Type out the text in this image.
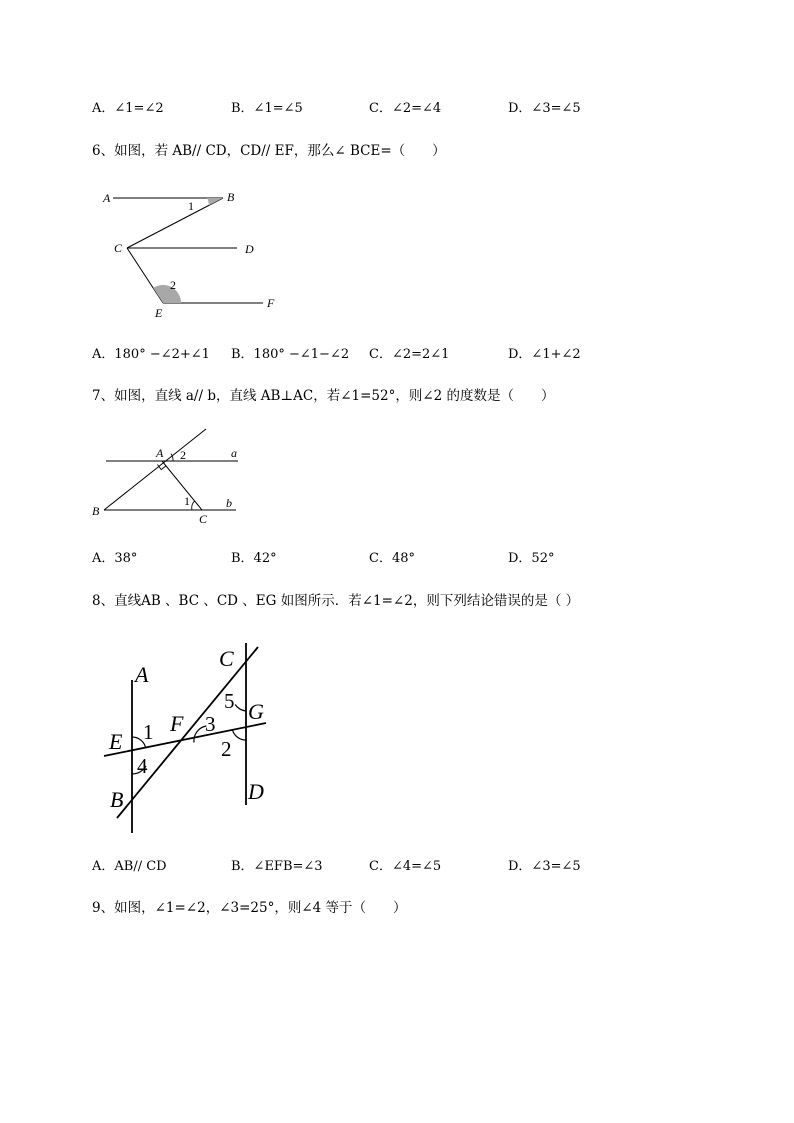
A．∠1=∠2	B．∠1=∠5	C．∠2=∠4	D．∠3=∠5
6、如图，若 AB// CD，CD// EF，那么∠ BCE=（　　）
A	B
C	D
E
F
1
2
A．180° −∠2+∠1 B．180° −∠1−∠2 C．∠2=2∠1	D．∠1+∠2
7、如图，直线 a// b，直线 AB⊥AC，若∠1=52°，则∠2 的度数是（　　）
A
B
C
a
b
1
2
A．38°	B．42°	C．48°	D．52°
8、直线AB 、BC 、CD 、EG 如图所示．若∠1=∠2，则下列结论错误的是（ ）
A
B
C
D
E
F	G
1
2
3
4
5
A．AB// CD	B．∠EFB=∠3	C．∠4=∠5	D．∠3=∠5
9、如图，∠1=∠2，∠3=25°，则∠4 等于（　　）
